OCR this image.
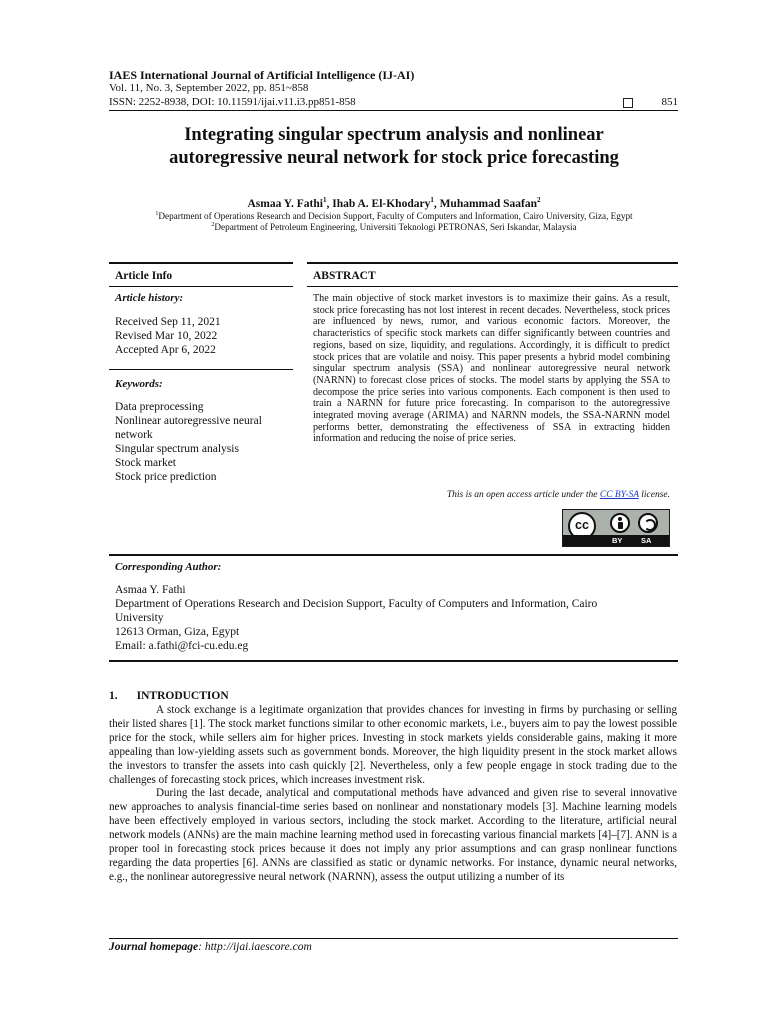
IAES International Journal of Artificial Intelligence (IJ-AI)
Vol. 11, No. 3, September 2022, pp. 851~858
ISSN: 2252-8938, DOI: 10.11591/ijai.v11.i3.pp851-858	851
Integrating singular spectrum analysis and nonlinear
autoregressive neural network for stock price forecasting
Asmaa Y. Fathi$^1$, Ihab A. El-Khodary$^1$, Muhammad Saafan$^2$
$^1$Department of Operations Research and Decision Support, Faculty of Computers and Information, Cairo University, Giza, Egypt
$^2$Department of Petroleum Engineering, Universiti Teknologi PETRONAS, Seri Iskandar, Malaysia
Article Info
Article history:
Received Sep 11, 2021
Revised Mar 10, 2022
Accepted Apr 6, 2022
Keywords:
Data preprocessing
Nonlinear autoregressive neural
network
Singular spectrum analysis
Stock market
Stock price prediction
ABSTRACT

The main objective of stock market investors is to maximize their gains. As a result, stock price forecasting has not lost interest in recent decades. Nevertheless, stock prices are influenced by news, rumor, and various economic factors. Moreover, the characteristics of specific stock markets can differ significantly between countries and regions, based on size, liquidity, and regulations. Accordingly, it is difficult to predict stock prices that are volatile and noisy. This paper presents a hybrid model combining singular spectrum analysis (SSA) and nonlinear autoregressive neural network (NARNN) to forecast close prices of stocks. The model starts by applying the SSA to decompose the price series into various components. Each component is then used to train a NARNN for future price forecasting. In comparison to the autoregressive integrated moving average (ARIMA) and NARNN models, the SSA-NARNN model performs better, demonstrating the effectiveness of SSA in extracting hidden information and reducing the noise of price series.

This is an open access article under the CC BY-SA license.
cc
BY SA
Corresponding Author:
Asmaa Y. Fathi
Department of Operations Research and Decision Support, Faculty of Computers and Information, Cairo
University
12613 Orman, Giza, Egypt
Email: a.fathi@fci-cu.edu.eg
1. INTRODUCTION

A stock exchange is a legitimate organization that provides chances for investing in firms by purchasing or selling their listed shares [1]. The stock market functions similar to other economic markets, i.e., buyers aim to pay the lowest possible price for the stock, while sellers aim for higher prices. Investing in stock markets yields considerable gains, making it more appealing than low-yielding assets such as government bonds. Moreover, the high liquidity present in the stock market allows the investors to transfer the assets into cash quickly [2]. Nevertheless, only a few people engage in stock trading due to the challenges of forecasting stock prices, which increases investment risk.

During the last decade, analytical and computational methods have advanced and given rise to several innovative new approaches to analysis financial-time series based on nonlinear and nonstationary models [3]. Machine learning models have been effectively employed in various sectors, including the stock market. According to the literature, artificial neural network models (ANNs) are the main machine learning method used in forecasting various financial markets [4]–[7]. ANN is a proper tool in forecasting stock prices because it does not imply any prior assumptions and can grasp nonlinear functions regarding the data properties [6]. ANNs are classified as static or dynamic networks. For instance, dynamic neural networks, e.g., the nonlinear autoregressive neural network (NARNN), assess the output utilizing a number of its

Journal homepage: http://ijai.iaescore.com
